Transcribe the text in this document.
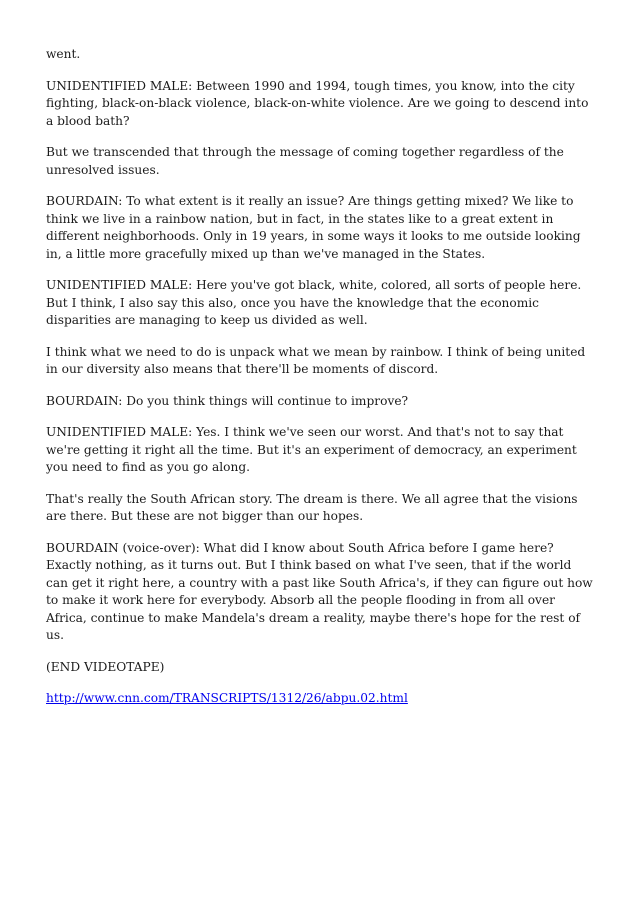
went.

UNIDENTIFIED MALE: Between 1990 and 1994, tough times, you know, into the city fighting, black-on-black violence, black-on-white violence. Are we going to descend into a blood bath?

But we transcended that through the message of coming together regardless of the unresolved issues.

BOURDAIN: To what extent is it really an issue? Are things getting mixed? We like to think we live in a rainbow nation, but in fact, in the states like to a great extent in different neighborhoods. Only in 19 years, in some ways it looks to me outside looking in, a little more gracefully mixed up than we've managed in the States.

UNIDENTIFIED MALE: Here you've got black, white, colored, all sorts of people here. But I think, I also say this also, once you have the knowledge that the economic disparities are managing to keep us divided as well.

I think what we need to do is unpack what we mean by rainbow. I think of being united in our diversity also means that there'll be moments of discord.

BOURDAIN: Do you think things will continue to improve?

UNIDENTIFIED MALE: Yes. I think we've seen our worst. And that's not to say that we're getting it right all the time. But it's an experiment of democracy, an experiment you need to find as you go along.

That's really the South African story. The dream is there. We all agree that the visions are there. But these are not bigger than our hopes.

BOURDAIN (voice-over): What did I know about South Africa before I game here? Exactly nothing, as it turns out. But I think based on what I've seen, that if the world can get it right here, a country with a past like South Africa's, if they can figure out how to make it work here for everybody. Absorb all the people flooding in from all over Africa, continue to make Mandela's dream a reality, maybe there's hope for the rest of us.

(END VIDEOTAPE)

http://www.cnn.com/TRANSCRIPTS/1312/26/abpu.02.html
